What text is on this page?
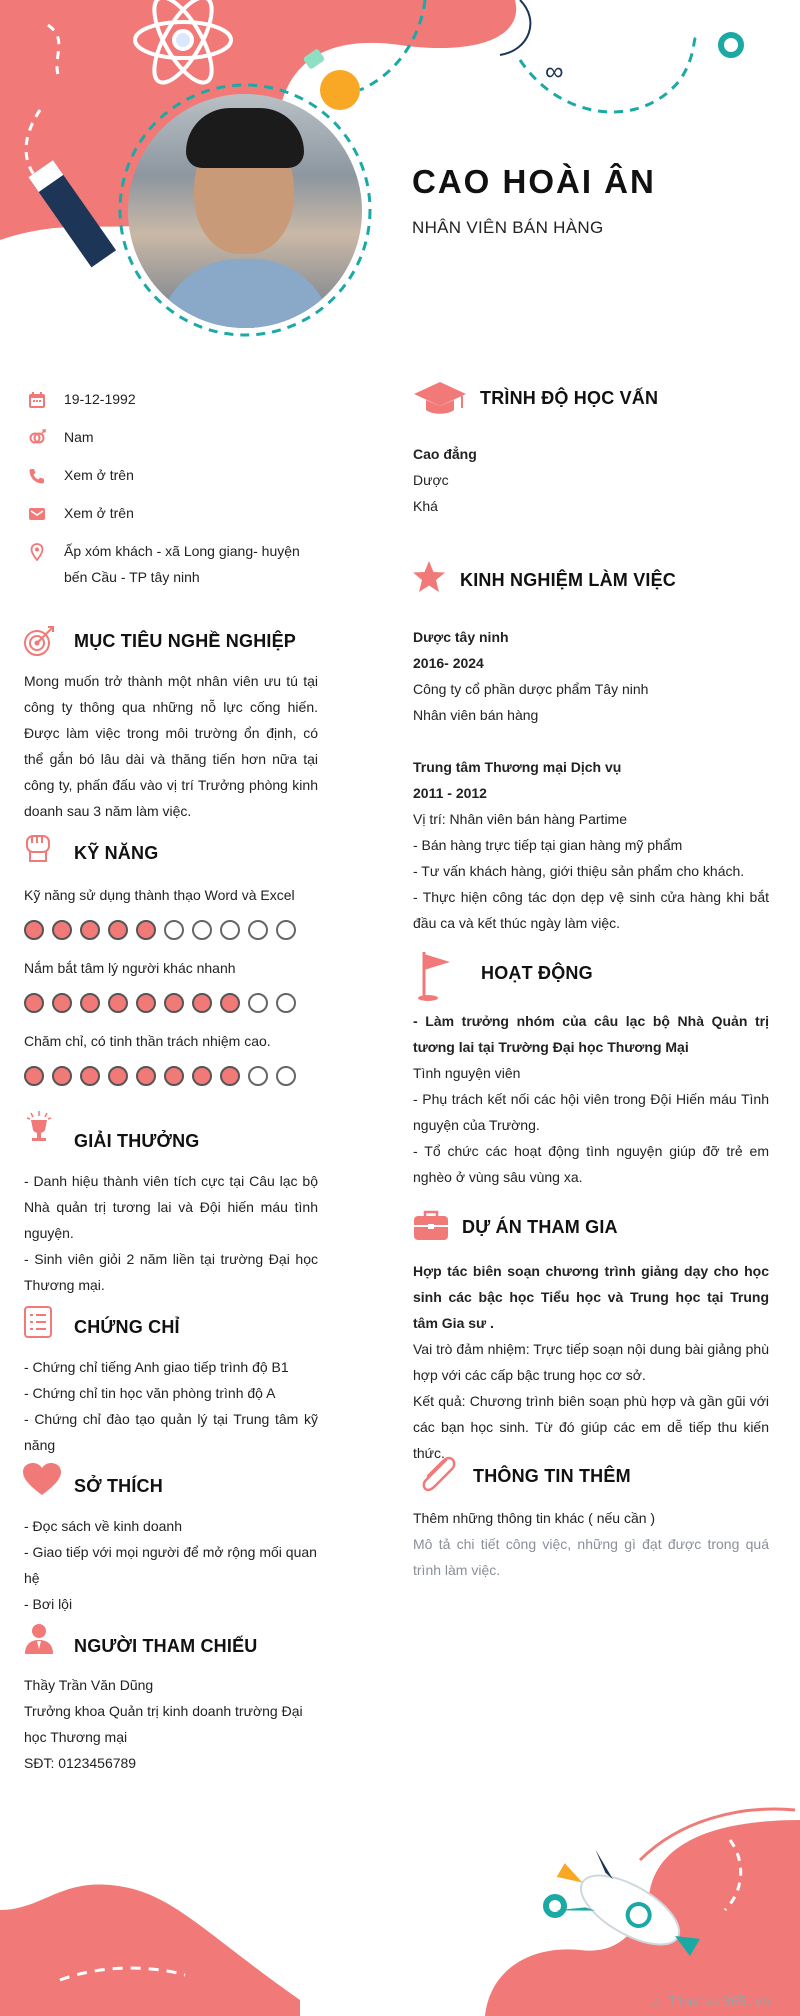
∞
CAO HOÀI ÂN
NHÂN VIÊN BÁN HÀNG
19-12-1992
Nam
Xem ở trên
Xem ở trên
Ấp xóm khách - xã Long giang- huyện bến Cầu - TP tây ninh
MỤC TIÊU NGHỀ NGHIỆP
Mong muốn trở thành một nhân viên ưu tú tại công ty thông qua những nỗ lực cống hiến. Được làm việc trong môi trường ổn định, có thể gắn bó lâu dài và thăng tiến hơn nữa tại công ty, phấn đấu vào vị trí Trưởng phòng kinh doanh sau 3 năm làm việc.
KỸ NĂNG
Kỹ năng sử dụng thành thạo Word và Excel
Nắm bắt tâm lý người khác nhanh
Chăm chỉ, có tinh thần trách nhiệm cao.
GIẢI THƯỞNG
- Danh hiệu thành viên tích cực tại Câu lạc bộ Nhà quản trị tương lai và Đội hiến máu tình nguyện.
- Sinh viên giỏi 2 năm liền tại trường Đại học Thương mại.
CHỨNG CHỈ
- Chứng chỉ tiếng Anh giao tiếp trình độ B1
- Chứng chỉ tin học văn phòng trình độ A
- Chứng chỉ đào tạo quản lý tại Trung tâm kỹ năng
SỞ THÍCH
- Đọc sách về kinh doanh
- Giao tiếp với mọi người để mở rộng mối quan hệ
- Bơi lội
NGƯỜI THAM CHIẾU
Thầy Trần Văn Dũng
Trưởng khoa Quản trị kinh doanh trường Đại học Thương mại
SĐT: 0123456789
TRÌNH ĐỘ HỌC VẤN
Cao đẳng
Dược
Khá
KINH NGHIỆM LÀM VIỆC
Dược tây ninh
2016- 2024
Công ty cổ phần dược phẩm Tây ninh
Nhân viên bán hàng
Trung tâm Thương mại Dịch vụ
2011 - 2012
Vị trí: Nhân viên bán hàng Partime
- Bán hàng trực tiếp tại gian hàng mỹ phẩm
- Tư vấn khách hàng, giới thiệu sản phẩm cho khách.
- Thực hiện công tác dọn dẹp vệ sinh cửa hàng khi bắt đầu ca và kết thúc ngày làm việc.
HOẠT ĐỘNG
- Làm trưởng nhóm của câu lạc bộ Nhà Quản trị tương lai tại Trường Đại học Thương Mại
Tình nguyện viên
- Phụ trách kết nối các hội viên trong Đội Hiến máu Tình nguyện của Trường.
- Tổ chức các hoạt động tình nguyện giúp đỡ trẻ em nghèo ở vùng sâu vùng xa.
DỰ ÁN THAM GIA
Hợp tác biên soạn chương trình giảng dạy cho học sinh các bậc học Tiểu học và Trung học tại Trung tâm Gia sư .
Vai trò đảm nhiệm: Trực tiếp soạn nội dung bài giảng phù hợp với các cấp bậc trung học cơ sở.
Kết quả: Chương trình biên soạn phù hợp và gần gũi với các bạn học sinh. Từ đó giúp các em dễ tiếp thu kiến thức.
THÔNG TIN THÊM
Thêm những thông tin khác ( nếu cần )
Mô tả chi tiết công việc, những gì đạt được trong quá trình làm việc.
∴ Timviec365.vn
